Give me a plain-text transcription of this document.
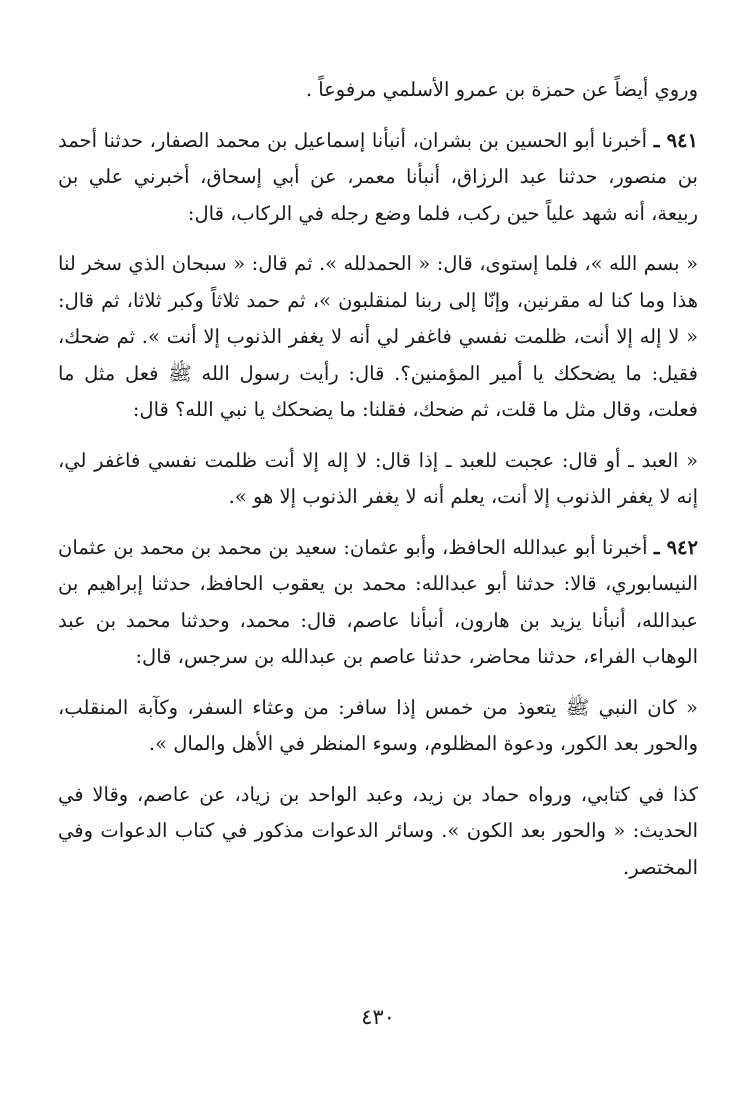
وروي أيضاً عن حمزة بن عمرو الأسلمي مرفوعاً .

٩٤١ ـ أخبرنا أبو الحسين بن بشران، أنبأنا إسماعيل بن محمد الصفار، حدثنا أحمد بن منصور، حدثنا عبد الرزاق، أنبأنا معمر، عن أبي إسحاق، أخبرني علي بن ربيعة، أنه شهد علياً حين ركب، فلما وضع رجله في الركاب، قال:

« بسم الله »، فلما إستوى، قال: « الحمدلله ». ثم قال: « سبحان الذي سخر لنا هذا وما كنا له مقرنين، وإنّا إلى ربنا لمنقلبون »، ثم حمد ثلاثاً وكبر ثلاثا، ثم قال: « لا إله إلا أنت، ظلمت نفسي فاغفر لي أنه لا يغفر الذنوب إلا أنت ». ثم ضحك، فقيل: ما يضحكك يا أمير المؤمنين؟. قال: رأيت رسول الله ﷺ فعل مثل ما فعلت، وقال مثل ما قلت، ثم ضحك، فقلنا: ما يضحكك يا نبي الله؟ قال:

« العبد ـ أو قال: عجبت للعبد ـ إذا قال: لا إله إلا أنت ظلمت نفسي فاغفر لي، إنه لا يغفر الذنوب إلا أنت، يعلم أنه لا يغفر الذنوب إلا هو ».

٩٤٢ ـ أخبرنا أبو عبدالله الحافظ، وأبو عثمان: سعيد بن محمد بن محمد بن عثمان النيسابوري، قالا: حدثنا أبو عبدالله: محمد بن يعقوب الحافظ، حدثنا إبراهيم بن عبدالله، أنبأنا يزيد بن هارون، أنبأنا عاصم، قال: محمد، وحدثنا محمد بن عبد الوهاب الفراء، حدثنا محاضر، حدثنا عاصم بن عبدالله بن سرجس، قال:

« كان النبي ﷺ يتعوذ من خمس إذا سافر: من وعثاء السفر، وكآبة المنقلب، والحور بعد الكور، ودعوة المظلوم، وسوء المنظر في الأهل والمال ».

كذا في كتابي، ورواه حماد بن زيد، وعبد الواحد بن زياد، عن عاصم، وقالا في الحديث: « والحور بعد الكون ». وسائر الدعوات مذكور في كتاب الدعوات وفي المختصر.

٤٣٠
